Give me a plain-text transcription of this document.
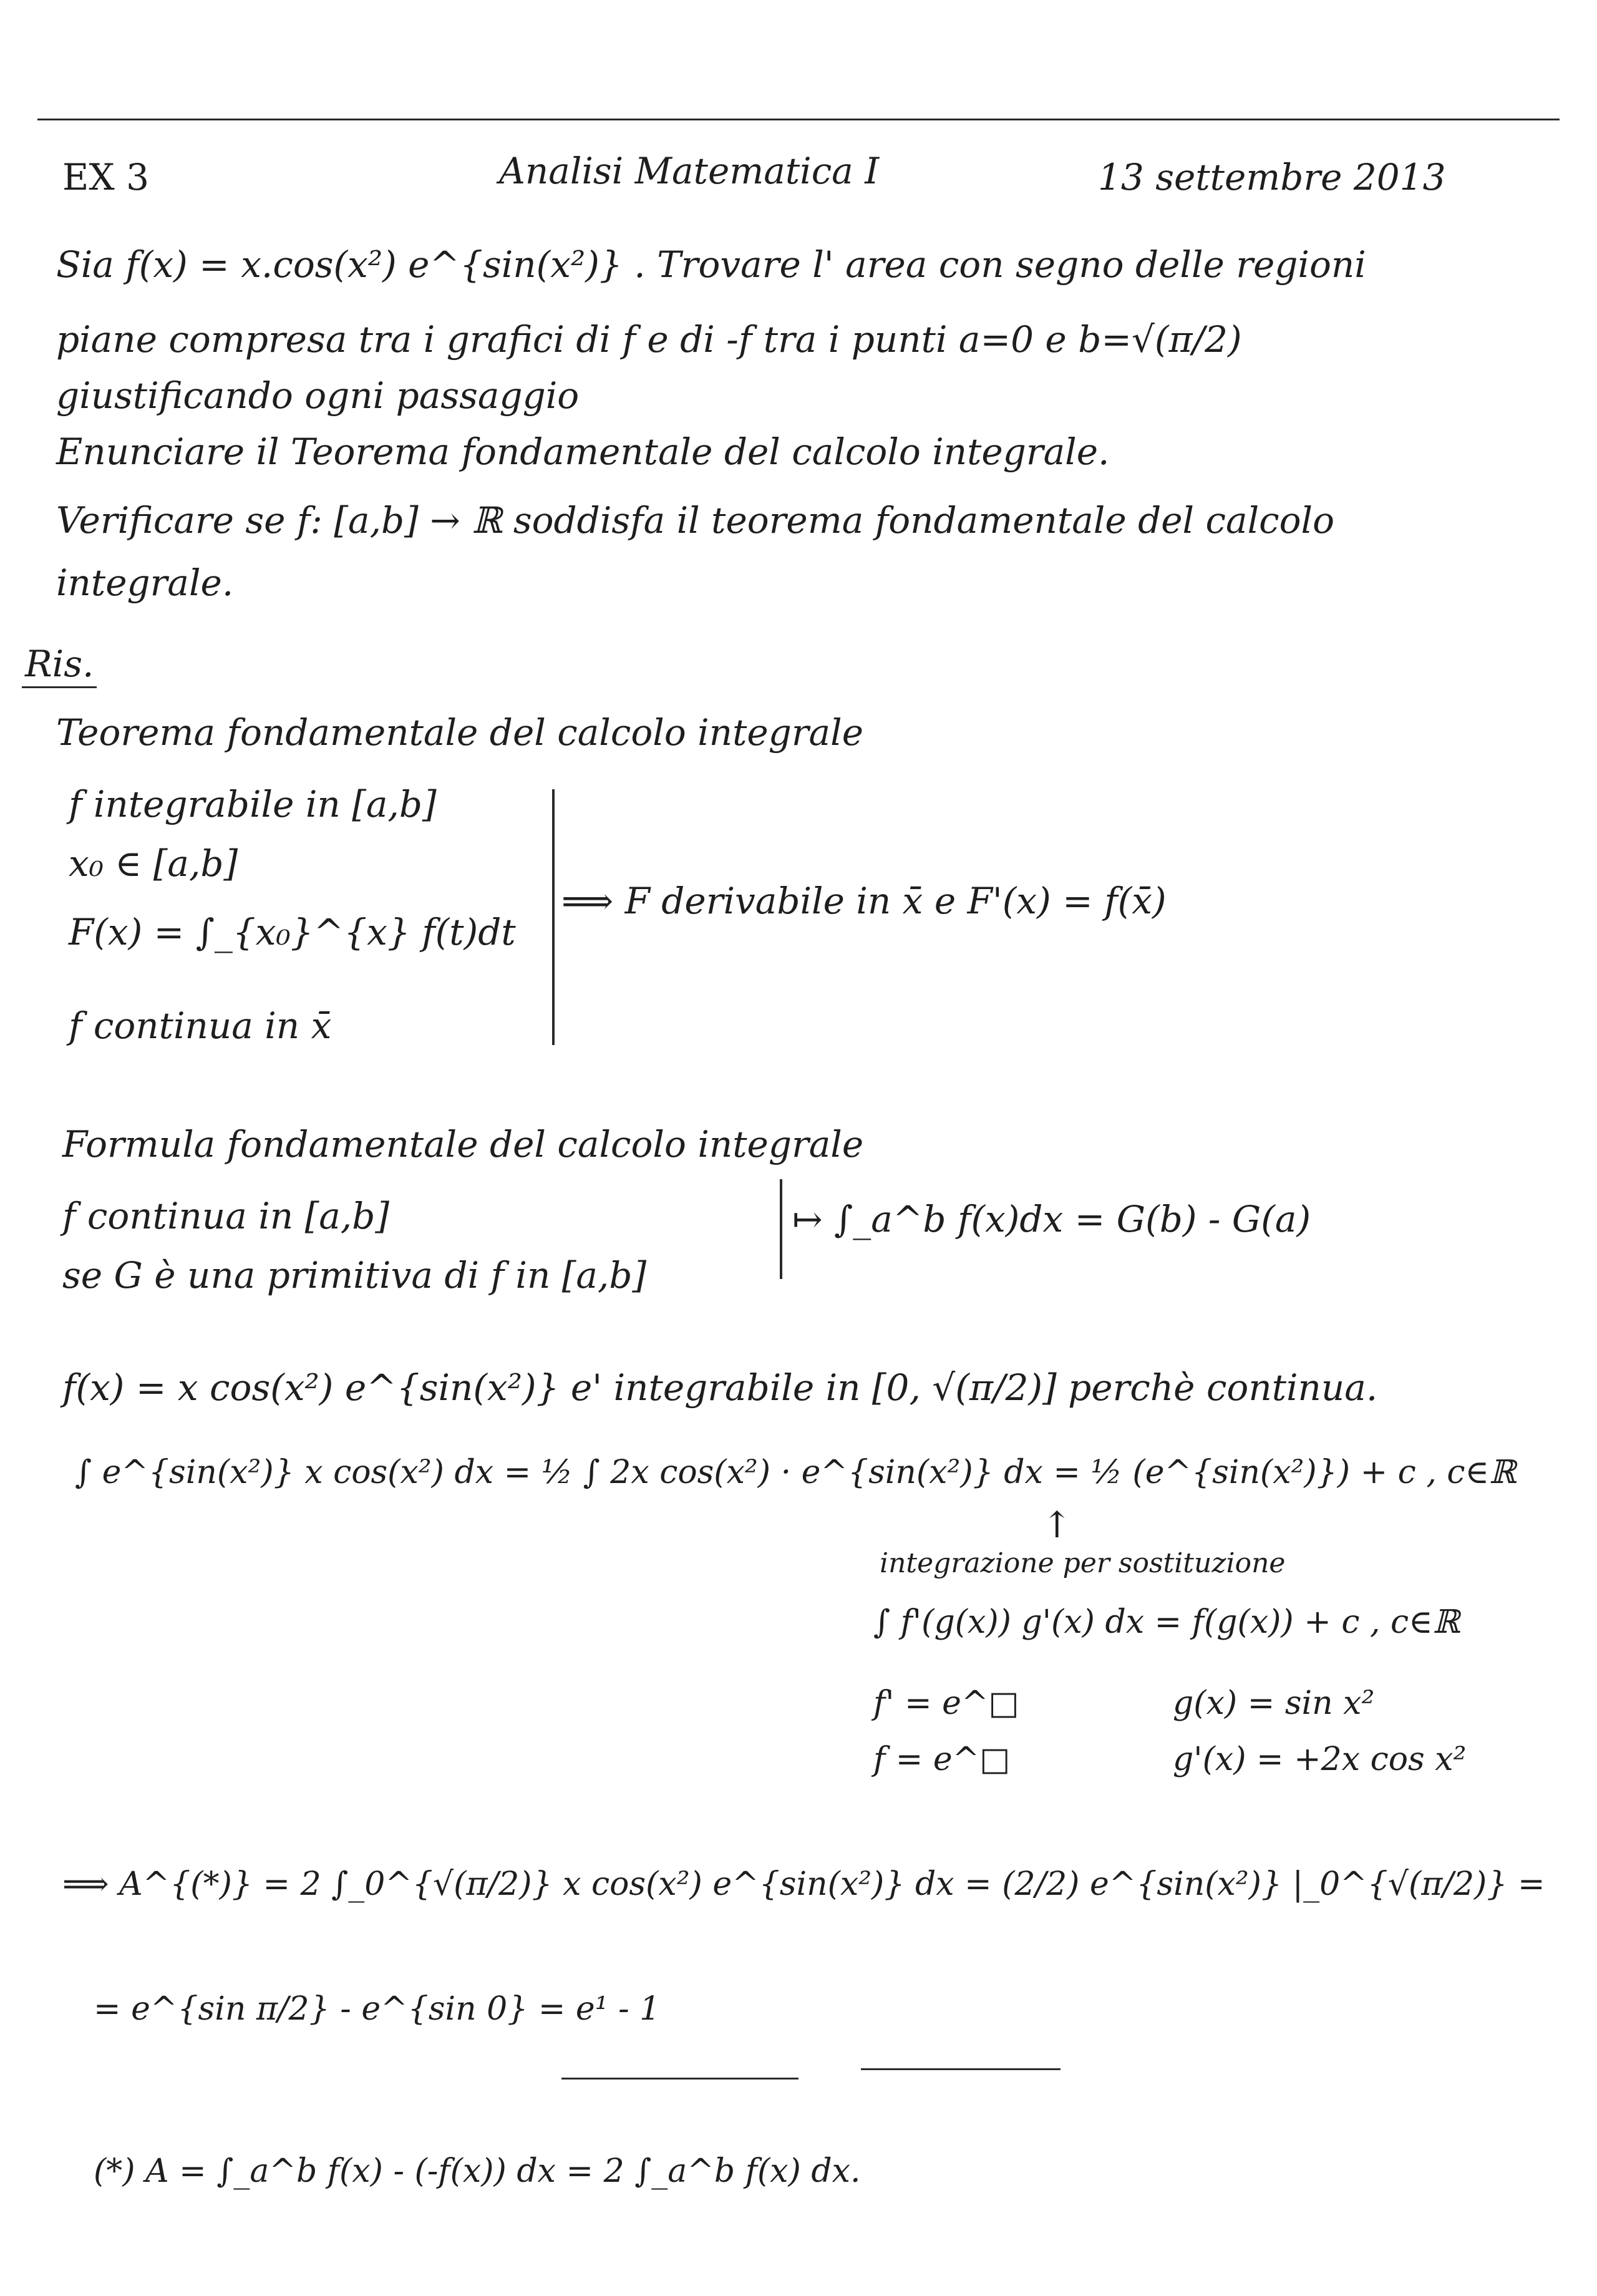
EX 3	Analisi Matematica I	13 settembre 2013
Sia f(x) = x.cos(x²) e^{sin(x²)} . Trovare l' area con segno delle regioni
piane compresa tra i grafici di f e di -f tra i punti a=0 e b=√(π/2)
giustificando ogni passaggio
Enunciare il Teorema fondamentale del calcolo integrale.
Verificare se f: [a,b] → ℝ soddisfa il teorema fondamentale del calcolo
integrale.
Ris.
Teorema fondamentale del calcolo integrale
f integrabile in [a,b]
x₀ ∈ [a,b]
F(x) = ∫_{x₀}^{x} f(t)dt
f continua in x̄
⟹ F derivabile in x̄ e F'(x) = f(x̄)
Formula fondamentale del calcolo integrale
f continua in [a,b]
se G è una primitiva di f in [a,b]
↦ ∫_a^b f(x)dx = G(b) - G(a)
f(x) = x cos(x²) e^{sin(x²)} e' integrabile in [0, √(π/2)] perchè continua.
∫ e^{sin(x²)} x cos(x²) dx = ½ ∫ 2x cos(x²) · e^{sin(x²)} dx = ½ (e^{sin(x²)}) + c , c∈ℝ
↑
integrazione per sostituzione
∫ f'(g(x)) g'(x) dx = f(g(x)) + c , c∈ℝ
f' = e^□
f = e^□
g(x) = sin x²
g'(x) = +2x cos x²
⟹ A^{(*)} = 2 ∫_0^{√(π/2)} x cos(x²) e^{sin(x²)} dx = (2/2) e^{sin(x²)} |_0^{√(π/2)} =
= e^{sin π/2} - e^{sin 0} = e¹ - 1
(*) A = ∫_a^b f(x) - (-f(x)) dx = 2 ∫_a^b f(x) dx.
